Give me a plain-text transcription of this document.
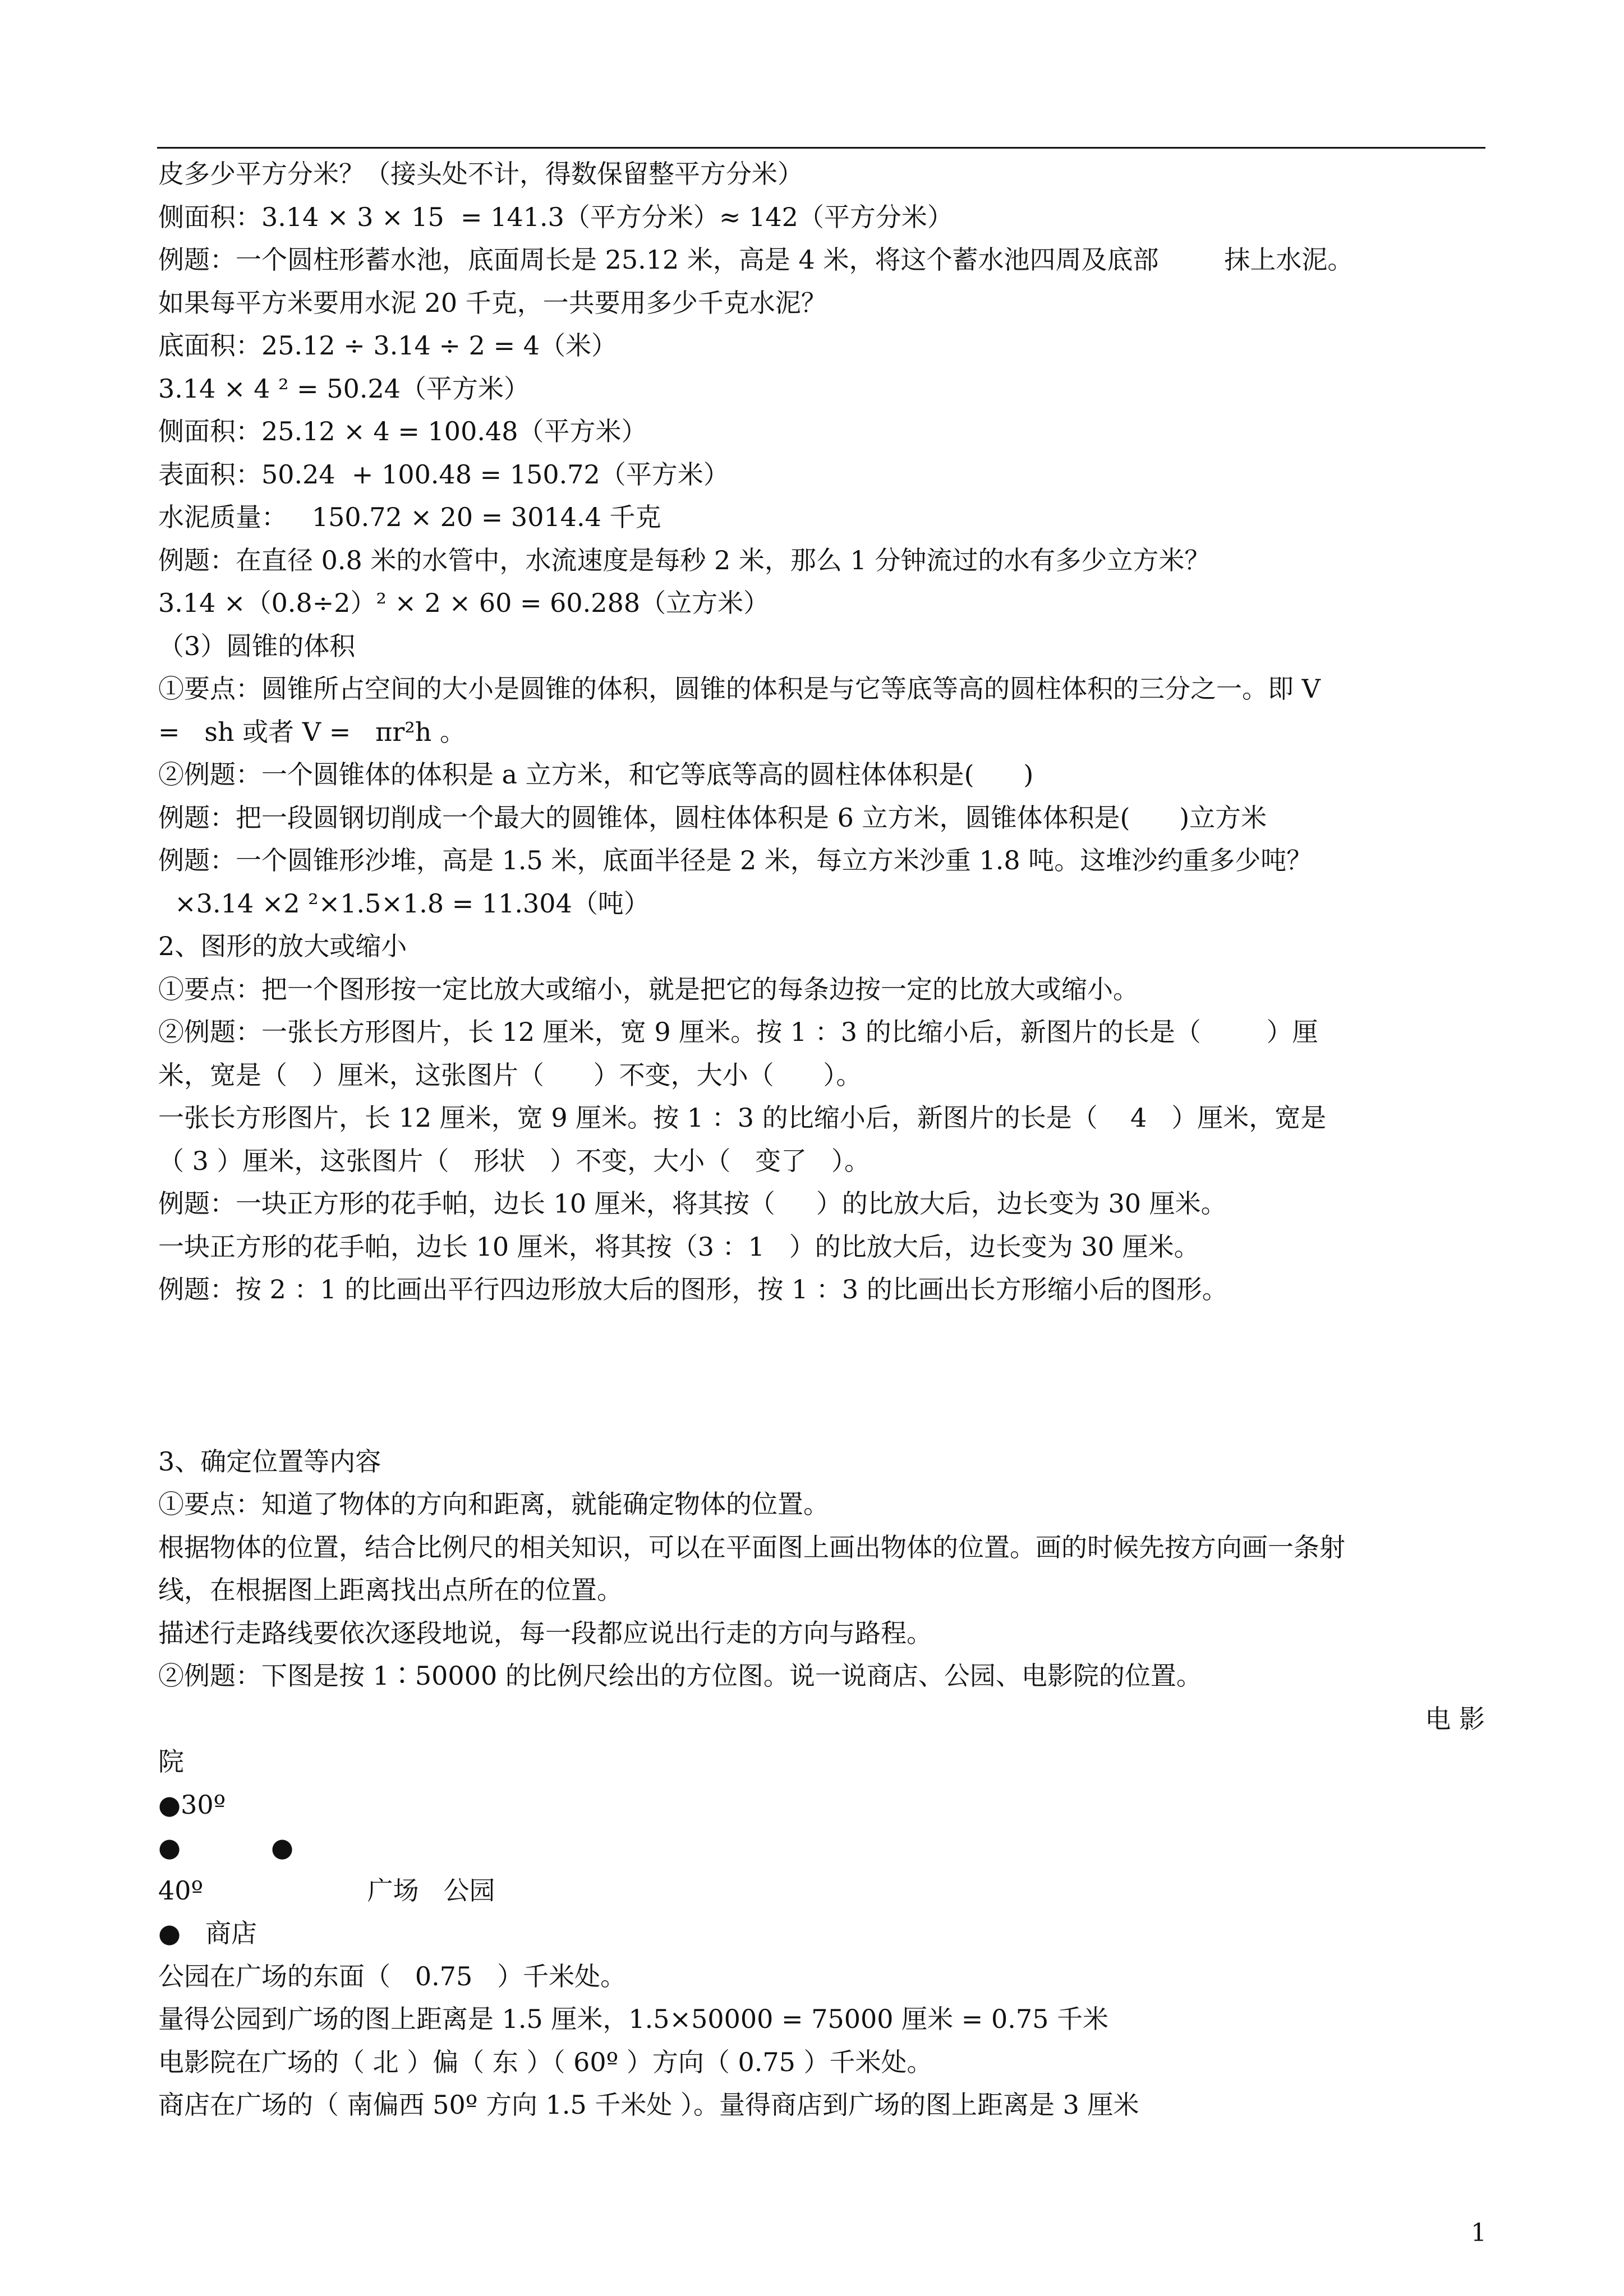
皮多少平方分米？（接头处不计，得数保留整平方分米）
侧面积：3.14 × 3 × 15  = 141.3（平方分米）≈ 142（平方分米）
例题：一个圆柱形蓄水池，底面周长是 25.12 米，高是 4 米，将这个蓄水池四周及底部        抹上水泥。
如果每平方米要用水泥 20 千克，一共要用多少千克水泥？
底面积：25.12 ÷ 3.14 ÷ 2 = 4（米）
3.14 × 4 ² = 50.24（平方米）
侧面积：25.12 × 4 = 100.48（平方米）
表面积：50.24  + 100.48 = 150.72（平方米）
水泥质量：   150.72 × 20 = 3014.4 千克
例题：在直径 0.8 米的水管中，水流速度是每秒 2 米，那么 1 分钟流过的水有多少立方米？
3.14 ×（0.8÷2）² × 2 × 60 = 60.288（立方米）
（3）圆锥的体积
①要点：圆锥所占空间的大小是圆锥的体积，圆锥的体积是与它等底等高的圆柱体积的三分之一。即 V
=   sh 或者 V =   πr²h 。
②例题：一个圆锥体的体积是 a 立方米，和它等底等高的圆柱体体积是(      )
例题：把一段圆钢切削成一个最大的圆锥体，圆柱体体积是 6 立方米，圆锥体体积是(      )立方米
例题：一个圆锥形沙堆，高是 1.5 米，底面半径是 2 米，每立方米沙重 1.8 吨。这堆沙约重多少吨？
×3.14 ×2 ²×1.5×1.8 = 11.304（吨）
2、图形的放大或缩小
①要点：把一个图形按一定比放大或缩小，就是把它的每条边按一定的比放大或缩小。
②例题：一张长方形图片，长 12 厘米，宽 9 厘米。按 1 ：3 的比缩小后，新图片的长是（        ）厘
米，宽是（   ）厘米，这张图片（      ）不变，大小（      ）。
一张长方形图片，长 12 厘米，宽 9 厘米。按 1 ：3 的比缩小后，新图片的长是（    4   ）厘米，宽是
（ 3 ）厘米，这张图片（   形状   ）不变，大小（   变了   ）。
例题：一块正方形的花手帕，边长 10 厘米，将其按（     ）的比放大后，边长变为 30 厘米。
一块正方形的花手帕，边长 10 厘米，将其按（3 ：1   ）的比放大后，边长变为 30 厘米。
例题：按 2 ：1 的比画出平行四边形放大后的图形，按 1 ：3 的比画出长方形缩小后的图形。
3、确定位置等内容
①要点：知道了物体的方向和距离，就能确定物体的位置。
根据物体的位置，结合比例尺的相关知识，可以在平面图上画出物体的位置。画的时候先按方向画一条射
线，在根据图上距离找出点所在的位置。
描述行走路线要依次逐段地说，每一段都应说出行走的方向与路程。
②例题：下图是按 1∶50000 的比例尺绘出的方位图。说一说商店、公园、电影院的位置。
电 影
院
●30º
●           ●
40º                    广场   公园
●   商店
公园在广场的东面（   0.75   ）千米处。
量得公园到广场的图上距离是 1.5 厘米，1.5×50000 = 75000 厘米 = 0.75 千米
电影院在广场的（ 北 ）偏（ 东 ）（ 60º ）方向（ 0.75 ）千米处。
商店在广场的（ 南偏西 50º 方向 1.5 千米处 ）。量得商店到广场的图上距离是 3 厘米
1
